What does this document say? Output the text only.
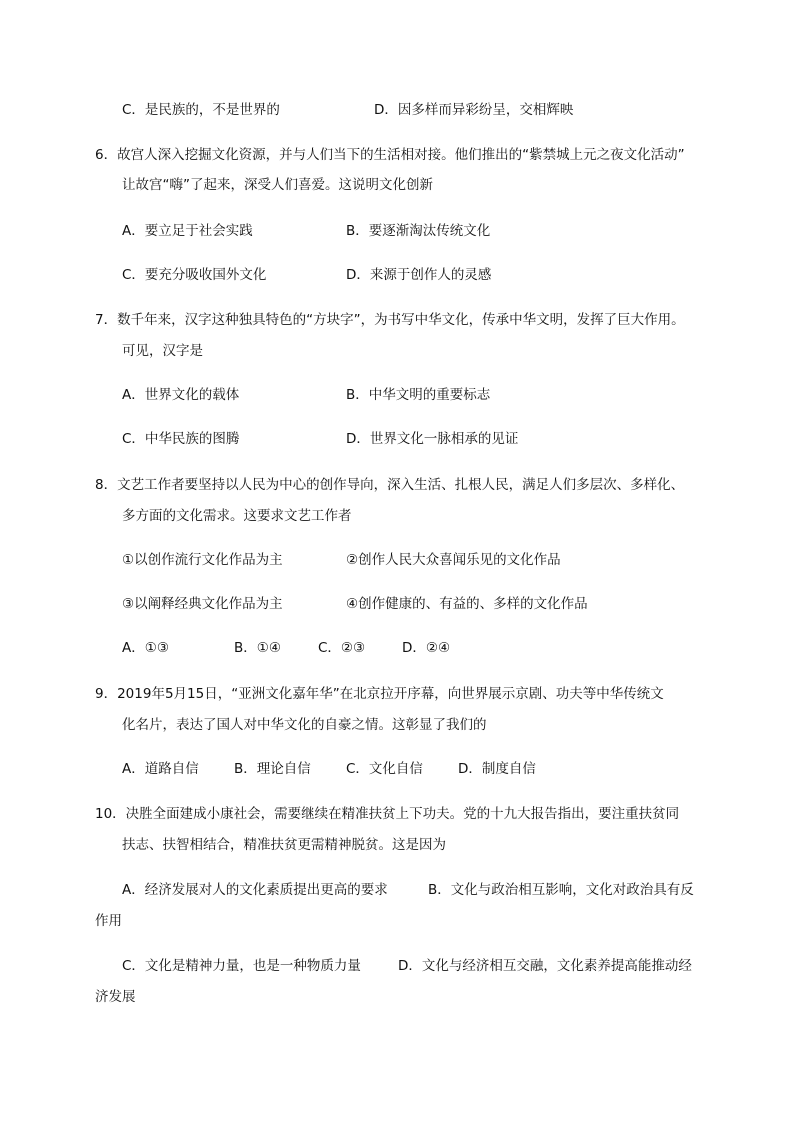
C．是民族的，不是世界的	D．因多样而异彩纷呈，交相辉映
6．故宫人深入挖掘文化资源，并与人们当下的生活相对接。他们推出的“紫禁城上元之夜文化活动”
让故宫“嗨”了起来，深受人们喜爱。这说明文化创新
A．要立足于社会实践	B．要逐渐淘汰传统文化
C．要充分吸收国外文化	D．来源于创作人的灵感
7．数千年来，汉字这种独具特色的“方块字”，为书写中华文化，传承中华文明，发挥了巨大作用。
可见，汉字是
A．世界文化的载体	B．中华文明的重要标志
C．中华民族的图腾	D．世界文化一脉相承的见证
8．文艺工作者要坚持以人民为中心的创作导向，深入生活、扎根人民，满足人们多层次、多样化、
多方面的文化需求。这要求文艺工作者
①以创作流行文化作品为主	②创作人民大众喜闻乐见的文化作品
③以阐释经典文化作品为主	④创作健康的、有益的、多样的文化作品
A．①③	B．①④	C．②③	D．②④
9．2019年5月15日，“亚洲文化嘉年华”在北京拉开序幕，向世界展示京剧、功夫等中华传统文
化名片，表达了国人对中华文化的自豪之情。这彰显了我们的
A．道路自信	B．理论自信	C．文化自信	D．制度自信
10．决胜全面建成小康社会，需要继续在精准扶贫上下功夫。党的十九大报告指出，要注重扶贫同
扶志、扶智相结合，精准扶贫更需精神脱贫。这是因为
A．经济发展对人的文化素质提出更高的要求	B．文化与政治相互影响，文化对政治具有反
作用
C．文化是精神力量，也是一种物质力量	D．文化与经济相互交融，文化素养提高能推动经
济发展
